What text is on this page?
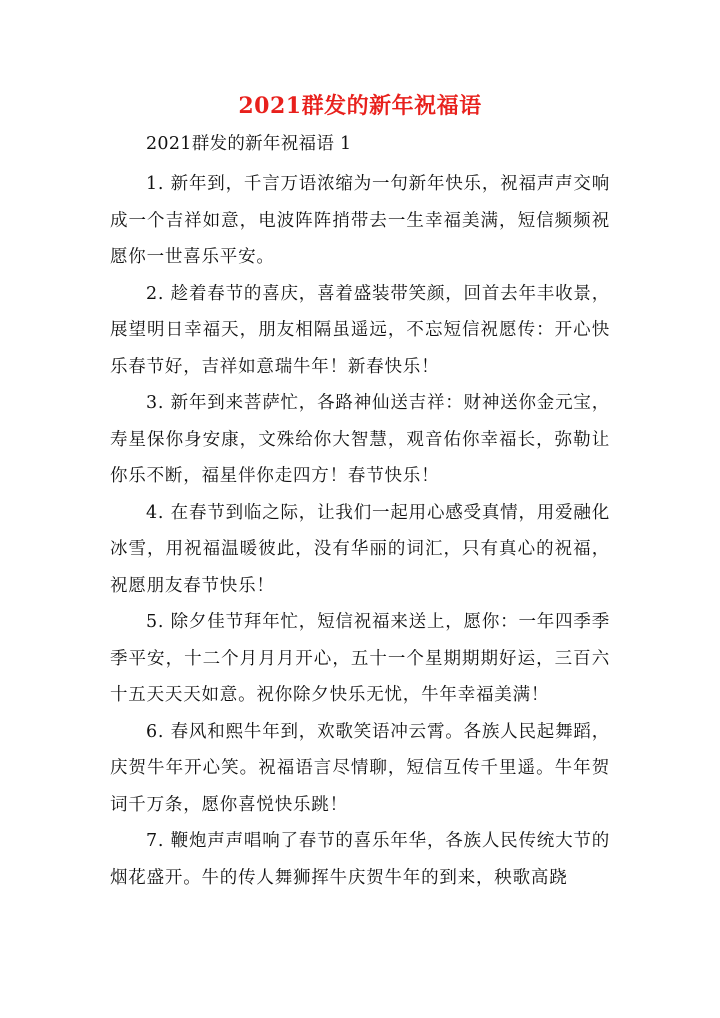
2021群发的新年祝福语
2021群发的新年祝福语 1

1. 新年到，千言万语浓缩为一句新年快乐，祝福声声交响成一个吉祥如意，电波阵阵捎带去一生幸福美满，短信频频祝愿你一世喜乐平安。

2. 趁着春节的喜庆，喜着盛装带笑颜，回首去年丰收景，展望明日幸福天，朋友相隔虽遥远，不忘短信祝愿传：开心快乐春节好，吉祥如意瑞牛年！新春快乐！

3. 新年到来菩萨忙，各路神仙送吉祥：财神送你金元宝，寿星保你身安康，文殊给你大智慧，观音佑你幸福长，弥勒让你乐不断，福星伴你走四方！春节快乐！

4. 在春节到临之际，让我们一起用心感受真情，用爱融化冰雪，用祝福温暖彼此，没有华丽的词汇，只有真心的祝福，祝愿朋友春节快乐！

5. 除夕佳节拜年忙，短信祝福来送上，愿你：一年四季季季平安，十二个月月月开心，五十一个星期期期好运，三百六十五天天天如意。祝你除夕快乐无忧，牛年幸福美满！

6. 春风和熙牛年到，欢歌笑语冲云霄。各族人民起舞蹈，庆贺牛年开心笑。祝福语言尽情聊，短信互传千里遥。牛年贺词千万条，愿你喜悦快乐跳！

7. 鞭炮声声唱响了春节的喜乐年华，各族人民传统大节的烟花盛开。牛的传人舞狮挥牛庆贺牛年的到来，秧歌高跷
